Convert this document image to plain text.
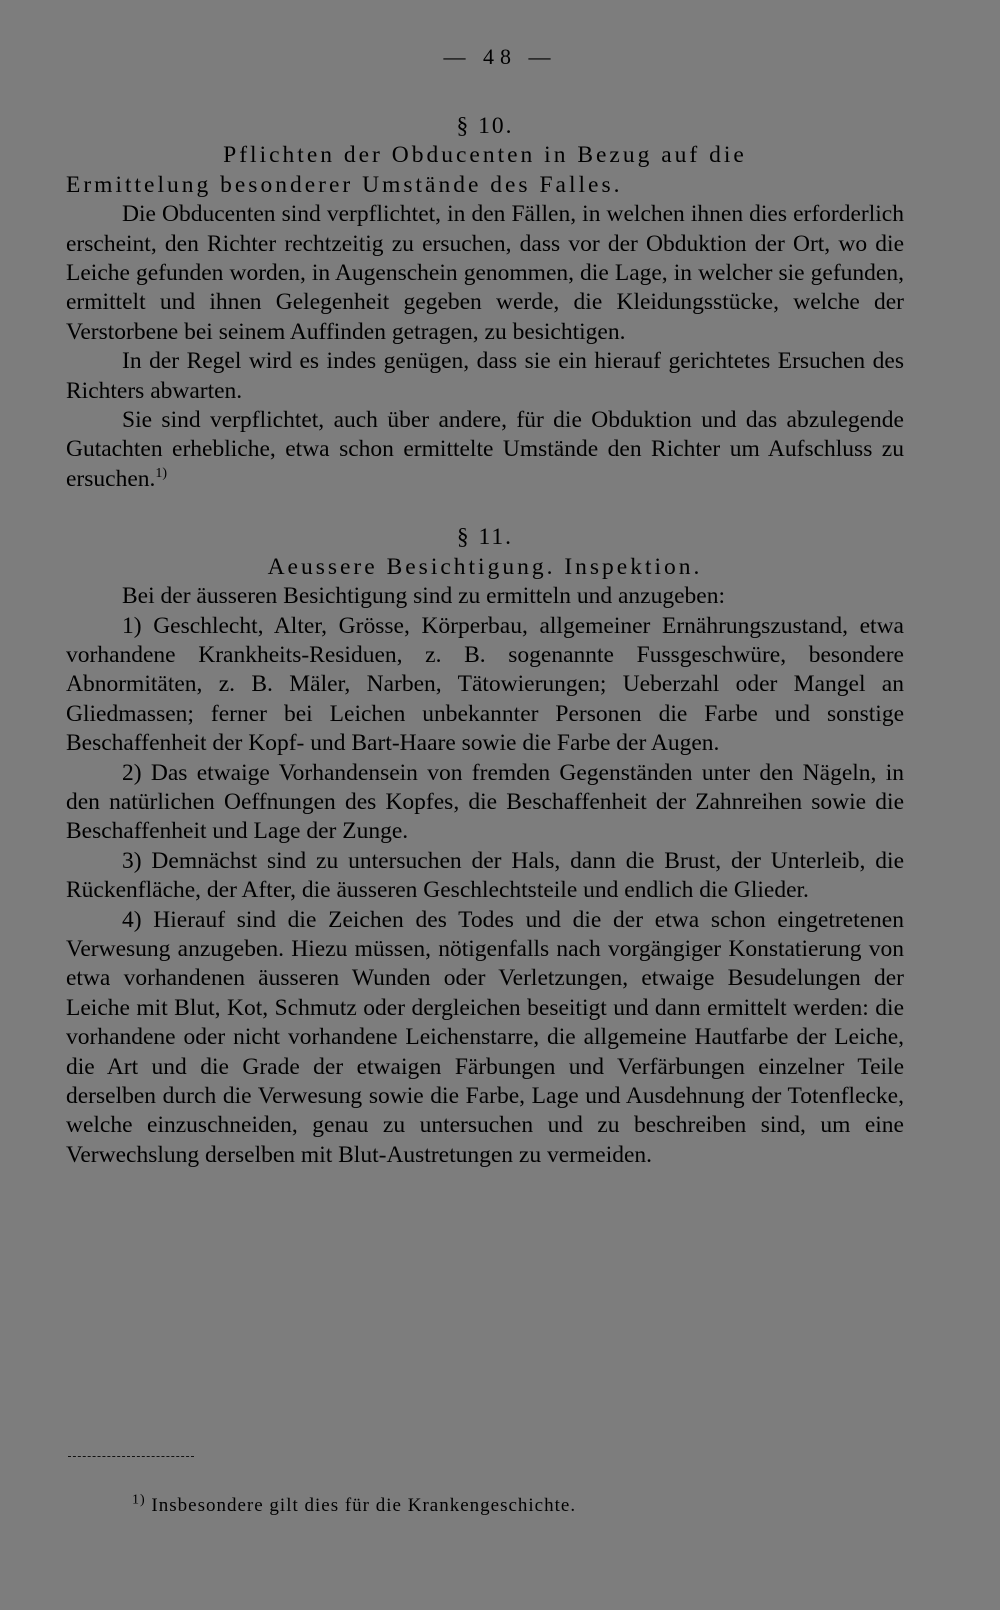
— 48 —

§ 10.

Pflichten der Obducenten in Bezug auf die

Ermittelung besonderer Umstände des Falles.

Die Obducenten sind verpflichtet, in den Fällen, in welchen ihnen dies erforderlich erscheint, den Richter rechtzeitig zu ersuchen, dass vor der Obduktion der Ort, wo die Leiche gefunden worden, in Augenschein genommen, die Lage, in welcher sie gefunden, ermittelt und ihnen Gelegenheit gegeben werde, die Kleidungsstücke, welche der Verstorbene bei seinem Auffinden getragen, zu besichtigen.

In der Regel wird es indes genügen, dass sie ein hierauf gerichtetes Ersuchen des Richters abwarten.

Sie sind verpflichtet, auch über andere, für die Obduktion und das abzulegende Gutachten erhebliche, etwa schon ermittelte Umstände den Richter um Aufschluss zu ersuchen.$^{1)}$

§ 11.

Aeussere Besichtigung. Inspektion.

Bei der äusseren Besichtigung sind zu ermitteln und anzugeben:

1) Geschlecht, Alter, Grösse, Körperbau, allgemeiner Ernährungszustand, etwa vorhandene Krankheits-Residuen, z. B. sogenannte Fussgeschwüre, besondere Abnormitäten, z. B. Mäler, Narben, Tätowierungen; Ueberzahl oder Mangel an Gliedmassen; ferner bei Leichen unbekannter Personen die Farbe und sonstige Beschaffenheit der Kopf- und Bart-Haare sowie die Farbe der Augen.

2) Das etwaige Vorhandensein von fremden Gegenständen unter den Nägeln, in den natürlichen Oeffnungen des Kopfes, die Beschaffenheit der Zahnreihen sowie die Beschaffenheit und Lage der Zunge.

3) Demnächst sind zu untersuchen der Hals, dann die Brust, der Unterleib, die Rückenfläche, der After, die äusseren Geschlechtsteile und endlich die Glieder.

4) Hierauf sind die Zeichen des Todes und die der etwa schon eingetretenen Verwesung anzugeben. Hiezu müssen, nötigenfalls nach vorgängiger Konstatierung von etwa vorhandenen äusseren Wunden oder Verletzungen, etwaige Besudelungen der Leiche mit Blut, Kot, Schmutz oder dergleichen beseitigt und dann ermittelt werden: die vorhandene oder nicht vorhandene Leichenstarre, die allgemeine Hautfarbe der Leiche, die Art und die Grade der etwaigen Färbungen und Verfärbungen einzelner Teile derselben durch die Verwesung sowie die Farbe, Lage und Ausdehnung der Totenflecke, welche einzuschneiden, genau zu untersuchen und zu beschreiben sind, um eine Verwechslung derselben mit Blut-Austretungen zu vermeiden.

$^{1)}$ Insbesondere gilt dies für die Krankengeschichte.
